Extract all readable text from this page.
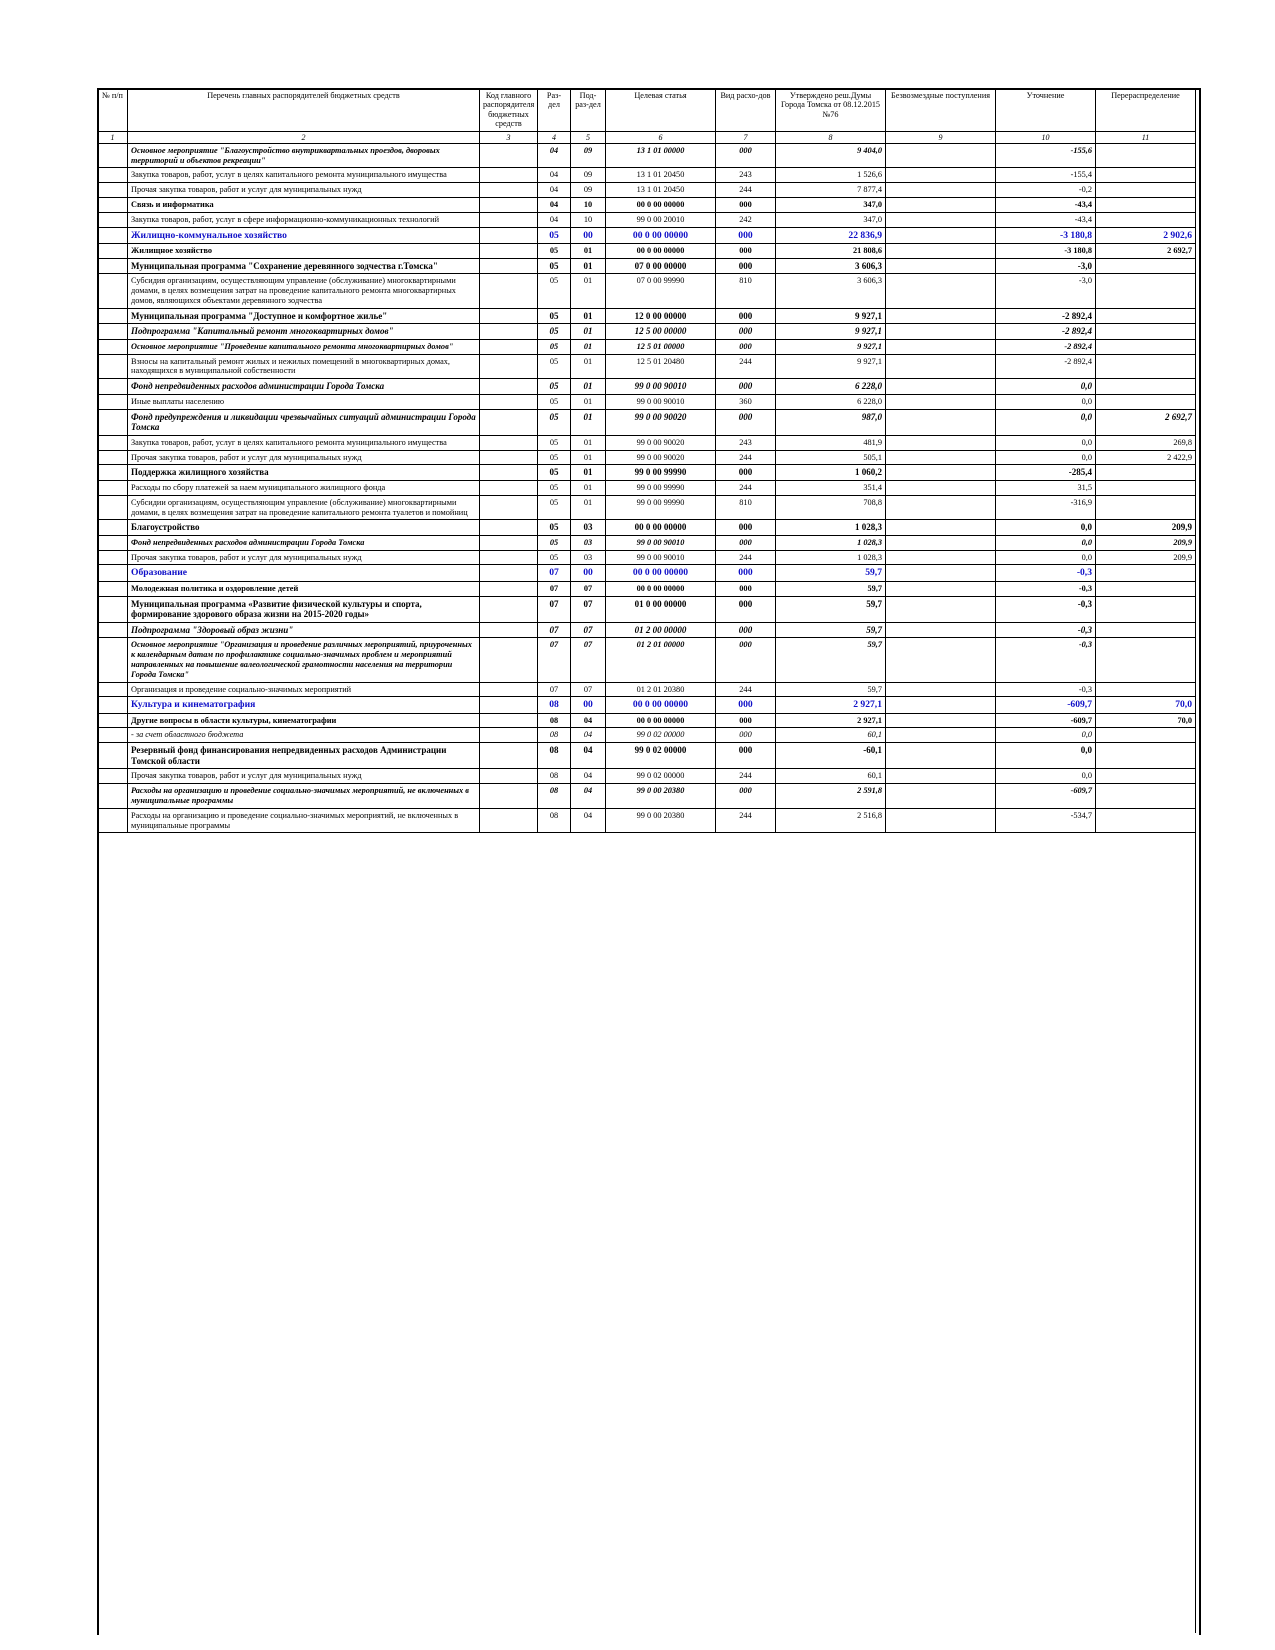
№ п/п	Перечень главных распорядителей бюджетных средств	Код главного распорядителя бюджетных средств	Раз-дел	Под-раз-дел	Целевая статья	Вид расхо-дов	Утверждено реш.Думы Города Томска от 08.12.2015 №76	Безвозмездные поступления	Уточнение	Перераспределение
1	2	3	4	5	6	7	8	9	10	11
	Основное мероприятие "Благоустройство внутриквартальных проездов, дворовых территорий и объектов рекреации"		04	09	13 1 01 00000	000	9 404,0		-155,6	
	Закупка товаров, работ, услуг в целях капитального ремонта муниципального имущества		04	09	13 1 01 20450	243	1 526,6		-155,4	
	Прочая закупка товаров, работ и услуг для муниципальных нужд		04	09	13 1 01 20450	244	7 877,4		-0,2	
	Связь и информатика		04	10	00 0 00 00000	000	347,0		-43,4	
	Закупка товаров, работ, услуг в сфере информационно-коммуникационных технологий		04	10	99 0 00 20010	242	347,0		-43,4	
	Жилищно-коммунальное хозяйство		05	00	00 0 00 00000	000	22 836,9		-3 180,8	2 902,6
	Жилищное хозяйство		05	01	00 0 00 00000	000	21 808,6		-3 180,8	2 692,7
	Муниципальная программа "Сохранение деревянного зодчества г.Томска"		05	01	07 0 00 00000	000	3 606,3		-3,0	
	Субсидия организациям, осуществляющим управление (обслуживание) многоквартирными домами, в целях возмещения затрат на проведение капитального ремонта многоквартирных домов, являющихся объектами деревянного зодчества		05	01	07 0 00 99990	810	3 606,3		-3,0	
	Муниципальная программа "Доступное и комфортное жилье"		05	01	12 0 00 00000	000	9 927,1		-2 892,4	
	Подпрограмма "Капитальный ремонт многоквартирных домов"		05	01	12 5 00 00000	000	9 927,1		-2 892,4	
	Основное мероприятие "Проведение капитального ремонта многоквартирных домов"		05	01	12 5 01 00000	000	9 927,1		-2 892,4	
	Взносы на капитальный ремонт жилых и нежилых помещений в многоквартирных домах, находящихся в муниципальной собственности		05	01	12 5 01 20480	244	9 927,1		-2 892,4	
	Фонд непредвиденных расходов администрации Города Томска		05	01	99 0 00 90010	000	6 228,0		0,0	
	Иные выплаты населению		05	01	99 0 00 90010	360	6 228,0		0,0	
	Фонд предупреждения и ликвидации чрезвычайных ситуаций администрации Города Томска		05	01	99 0 00 90020	000	987,0		0,0	2 692,7
	Закупка товаров, работ, услуг в целях капитального ремонта муниципального имущества		05	01	99 0 00 90020	243	481,9		0,0	269,8
	Прочая закупка товаров, работ и услуг для муниципальных нужд		05	01	99 0 00 90020	244	505,1		0,0	2 422,9
	Поддержка жилищного хозяйства		05	01	99 0 00 99990	000	1 060,2		-285,4	
	Расходы по сбору платежей за наем муниципального жилищного фонда		05	01	99 0 00 99990	244	351,4		31,5	
	Субсидии организациям, осуществляющим управление (обслуживание) многоквартирными домами, в целях возмещения затрат на проведение капитального ремонта туалетов и помойниц		05	01	99 0 00 99990	810	708,8		-316,9	
	Благоустройство		05	03	00 0 00 00000	000	1 028,3		0,0	209,9
	Фонд непредвиденных расходов администрации Города Томска		05	03	99 0 00 90010	000	1 028,3		0,0	209,9
	Прочая закупка товаров, работ и услуг для муниципальных нужд		05	03	99 0 00 90010	244	1 028,3		0,0	209,9
	Образование		07	00	00 0 00 00000	000	59,7		-0,3	
	Молодежная политика и оздоровление детей		07	07	00 0 00 00000	000	59,7		-0,3	
	Муниципальная программа «Развитие физической культуры и спорта, формирование здорового образа жизни на 2015-2020 годы»		07	07	01 0 00 00000	000	59,7		-0,3	
	Подпрограмма "Здоровый образ жизни"		07	07	01 2 00 00000	000	59,7		-0,3	
	Основное мероприятие "Организация и проведение различных мероприятий, приуроченных к календарным датам по профилактике социально-значимых проблем и мероприятий направленных на повышение валеологической грамотности населения на территории Города Томска"		07	07	01 2 01 00000	000	59,7		-0,3	
	Организация и проведение социально-значимых мероприятий		07	07	01 2 01 20380	244	59,7		-0,3	
	Культура и кинематография		08	00	00 0 00 00000	000	2 927,1		-609,7	70,0
	Другие вопросы в области культуры, кинематографии		08	04	00 0 00 00000	000	2 927,1		-609,7	70,0
	- за счет областного бюджета		08	04	99 0 02 00000	000	60,1		0,0	
	Резервный фонд финансирования непредвиденных расходов Администрации Томской области		08	04	99 0 02 00000	000	-60,1		0,0	
	Прочая закупка товаров, работ и услуг для муниципальных нужд		08	04	99 0 02 00000	244	60,1		0,0	
	Расходы на организацию и проведение социально-значимых мероприятий, не включенных в муниципальные программы		08	04	99 0 00 20380	000	2 591,8		-609,7	
	Расходы на организацию и проведение социально-значимых мероприятий, не включенных в муниципальные программы		08	04	99 0 00 20380	244	2 516,8		-534,7	
